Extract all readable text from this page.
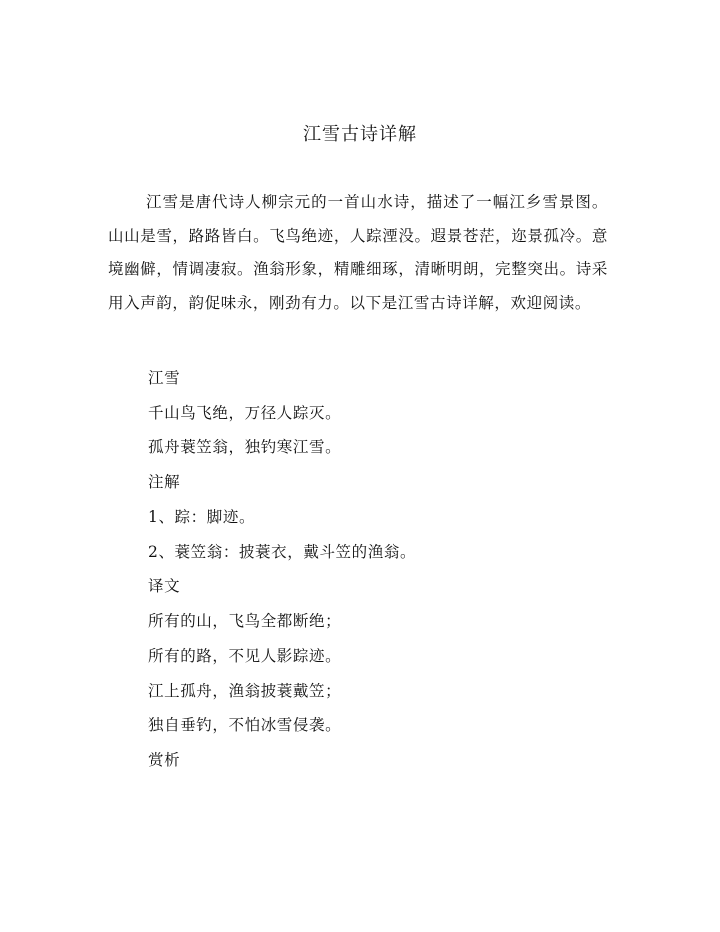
江雪古诗详解

江雪是唐代诗人柳宗元的一首山水诗，描述了一幅江乡雪景图。山山是雪，路路皆白。飞鸟绝迹，人踪湮没。遐景苍茫，迩景孤冷。意境幽僻，情调凄寂。渔翁形象，精雕细琢，清晰明朗，完整突出。诗采用入声韵，韵促味永，刚劲有力。以下是江雪古诗详解，欢迎阅读。

江雪
千山鸟飞绝，万径人踪灭。
孤舟蓑笠翁，独钓寒江雪。
注解
1、踪：脚迹。
2、蓑笠翁：披蓑衣，戴斗笠的渔翁。
译文
所有的山，飞鸟全都断绝；
所有的路，不见人影踪迹。
江上孤舟，渔翁披蓑戴笠；
独自垂钓，不怕冰雪侵袭。
赏析
